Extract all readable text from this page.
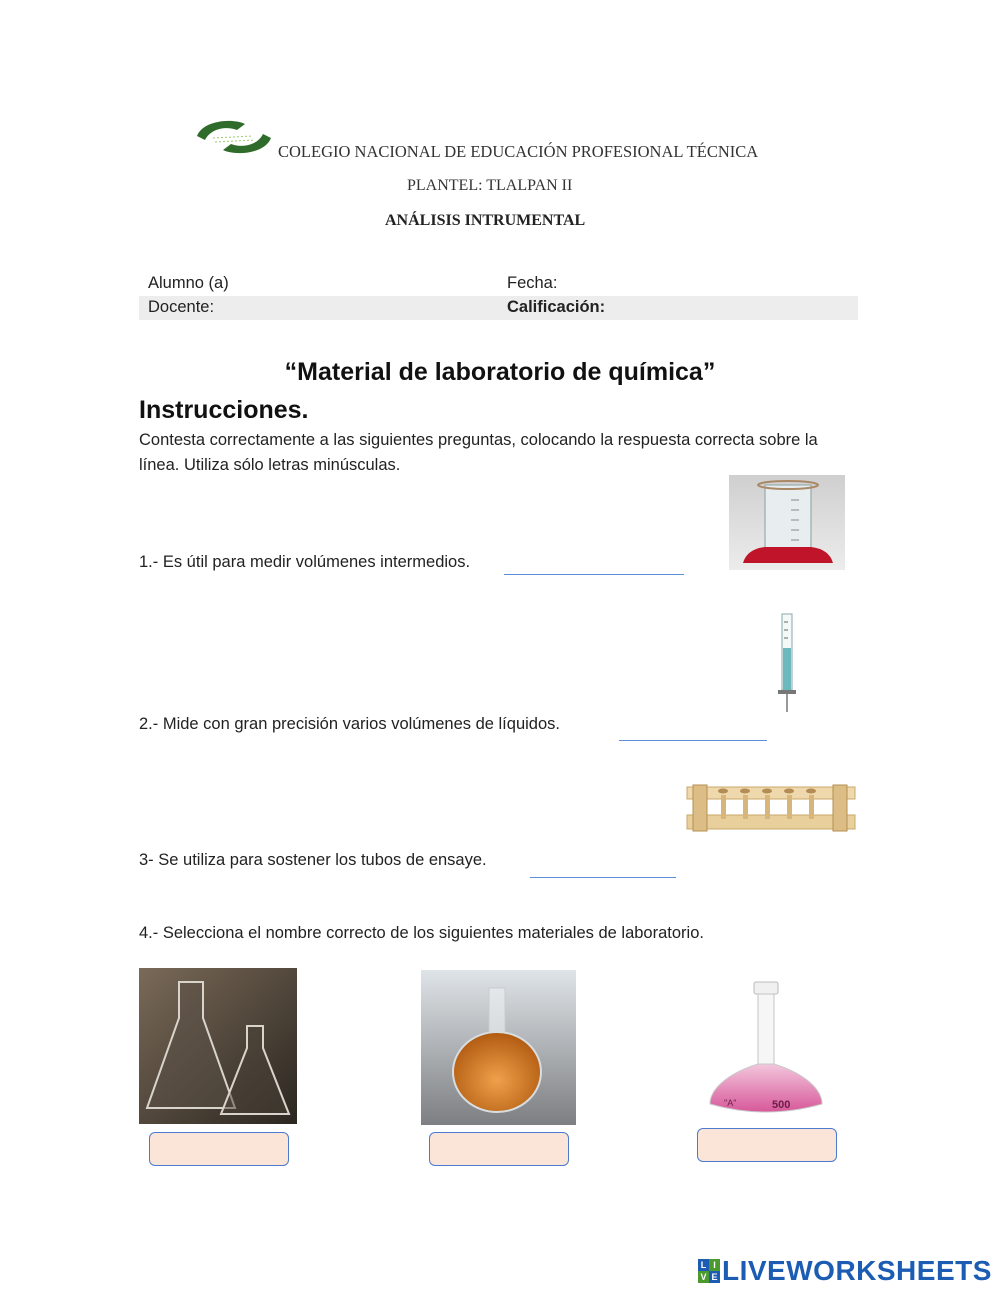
COLEGIO NACIONAL DE EDUCACIÓN PROFESIONAL TÉCNICA
PLANTEL: TLALPAN II
ANÁLISIS INTRUMENTAL
Alumno (a)	Fecha:
Docente:	Calificación:
“Material de laboratorio de química”
Instrucciones.
Contesta correctamente a las siguientes preguntas, colocando la respuesta correcta sobre la línea. Utiliza sólo letras minúsculas.
1.- Es útil para medir volúmenes intermedios.
2.- Mide con gran precisión varios volúmenes de líquidos.
3- Se utiliza para sostener los tubos de ensaye.
4.- Selecciona el nombre correcto de los siguientes materiales de laboratorio.
"A"	500
L I
V E LIVEWORKSHEETS
